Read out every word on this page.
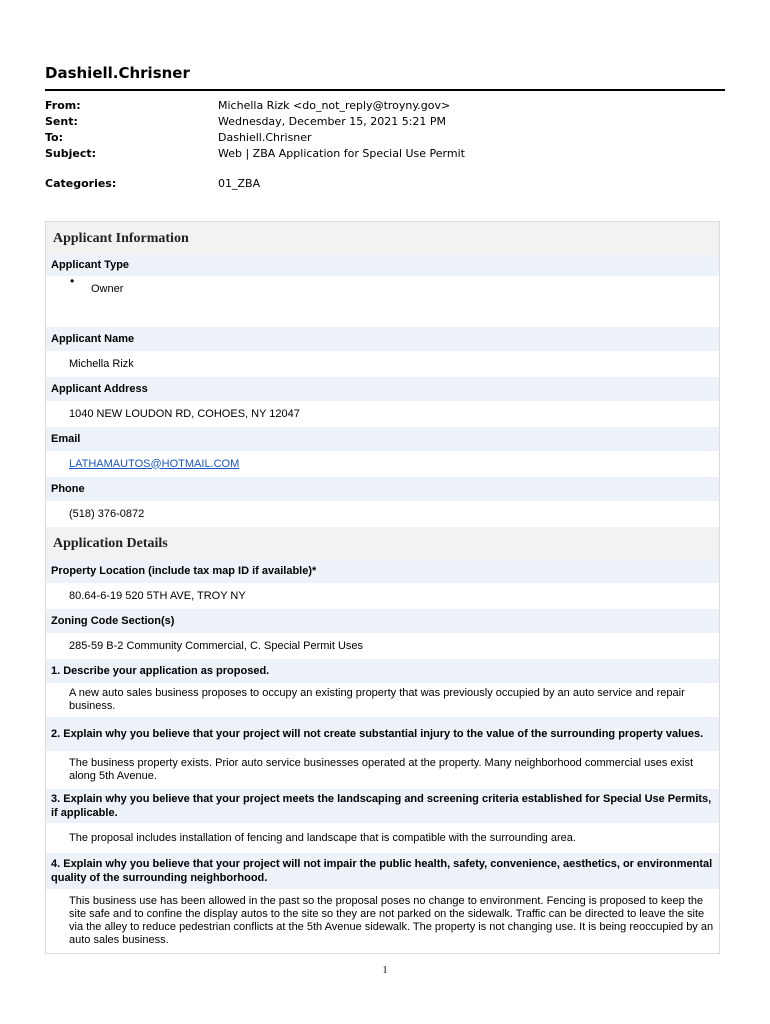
Dashiell.Chrisner
From:	Michella Rizk <do_not_reply@troyny.gov>
Sent:	Wednesday, December 15, 2021 5:21 PM
To:	Dashiell.Chrisner
Subject:	Web | ZBA Application for Special Use Permit
Categories:	01_ZBA
Applicant Information
Applicant Type
• Owner
Applicant Name
Michella Rizk
Applicant Address
1040 NEW LOUDON RD, COHOES, NY 12047
Email
LATHAMAUTOS@HOTMAIL.COM
Phone
(518) 376-0872
Application Details
Property Location (include tax map ID if available)*
80.64-6-19 520 5TH AVE, TROY NY
Zoning Code Section(s)
285-59 B-2 Community Commercial, C. Special Permit Uses
1. Describe your application as proposed.
A new auto sales business proposes to occupy an existing property that was previously occupied by an auto service and repair business.
2. Explain why you believe that your project will not create substantial injury to the value of the surrounding property values.
The business property exists. Prior auto service businesses operated at the property. Many neighborhood commercial uses exist along 5th Avenue.
3. Explain why you believe that your project meets the landscaping and screening criteria established for Special Use Permits, if applicable.
The proposal includes installation of fencing and landscape that is compatible with the surrounding area.
4. Explain why you believe that your project will not impair the public health, safety, convenience, aesthetics, or environmental quality of the surrounding neighborhood.
This business use has been allowed in the past so the proposal poses no change to environment. Fencing is proposed to keep the site safe and to confine the display autos to the site so they are not parked on the sidewalk. Traffic can be directed to leave the site via the alley to reduce pedestrian conflicts at the 5th Avenue sidewalk. The property is not changing use. It is being reoccupied by an auto sales business.
1
